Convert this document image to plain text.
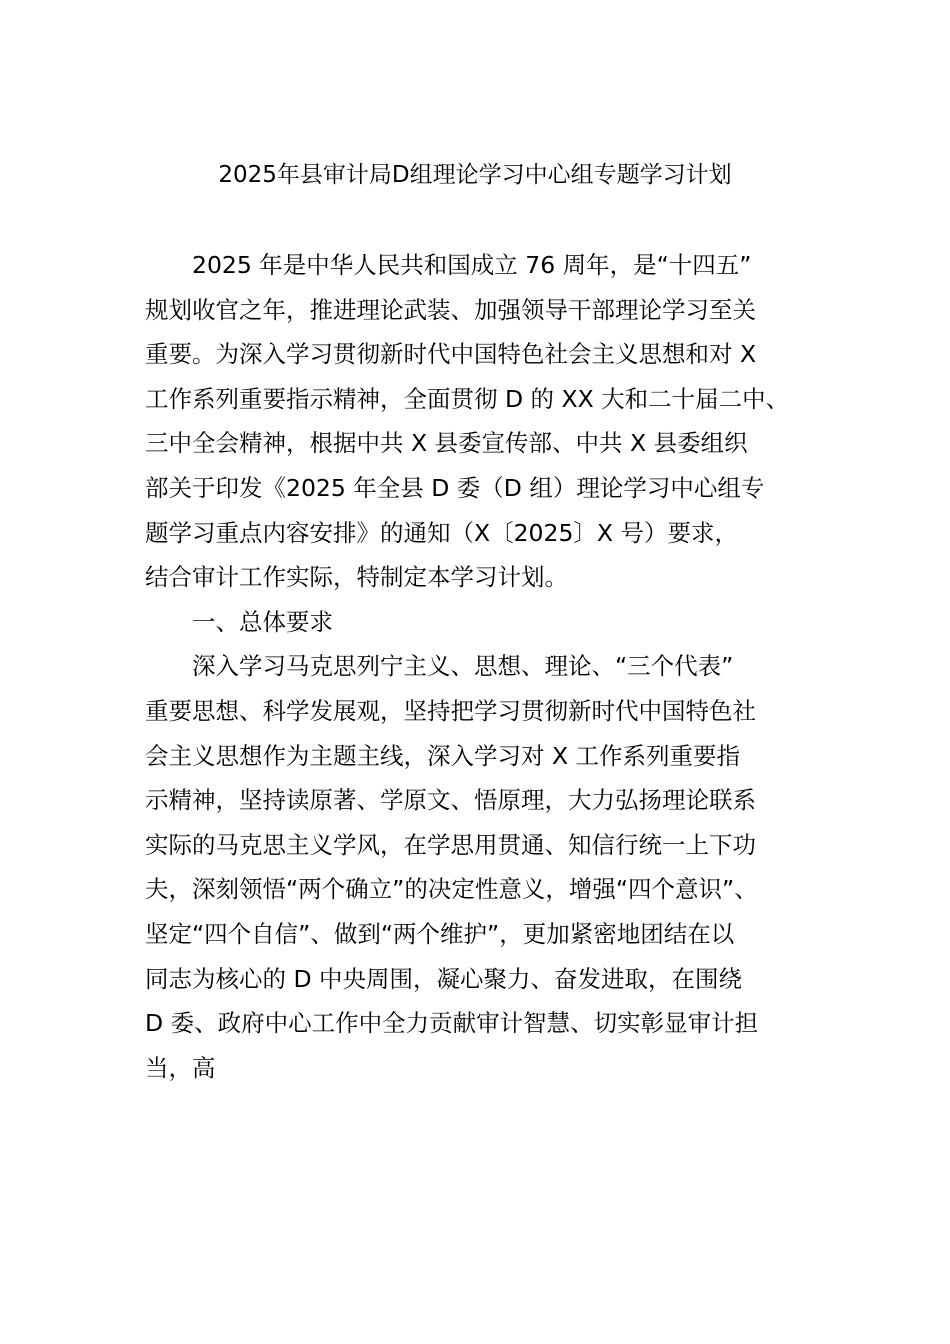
2025年县审计局D组理论学习中心组专题学习计划
　　2025 年是中华人民共和国成立 76 周年，是“十四五”
规划收官之年，推进理论武装、加强领导干部理论学习至关
重要。为深入学习贯彻新时代中国特色社会主义思想和对 X
工作系列重要指示精神，全面贯彻 D 的 XX 大和二十届二中、
三中全会精神，根据中共 X 县委宣传部、中共 X 县委组织
部关于印发《2025 年全县 D 委（D 组）理论学习中心组专
题学习重点内容安排》的通知（X〔2025〕X 号）要求，
结合审计工作实际，特制定本学习计划。
　　一、总体要求
　　深入学习马克思列宁主义、思想、理论、“三个代表”
重要思想、科学发展观，坚持把学习贯彻新时代中国特色社
会主义思想作为主题主线，深入学习对 X 工作系列重要指
示精神，坚持读原著、学原文、悟原理，大力弘扬理论联系
实际的马克思主义学风，在学思用贯通、知信行统一上下功
夫，深刻领悟“两个确立”的决定性意义，增强“四个意识”、
坚定“四个自信”、做到“两个维护”，更加紧密地团结在以
同志为核心的 D 中央周围，凝心聚力、奋发进取，在围绕
D 委、政府中心工作中全力贡献审计智慧、切实彰显审计担
当，高
